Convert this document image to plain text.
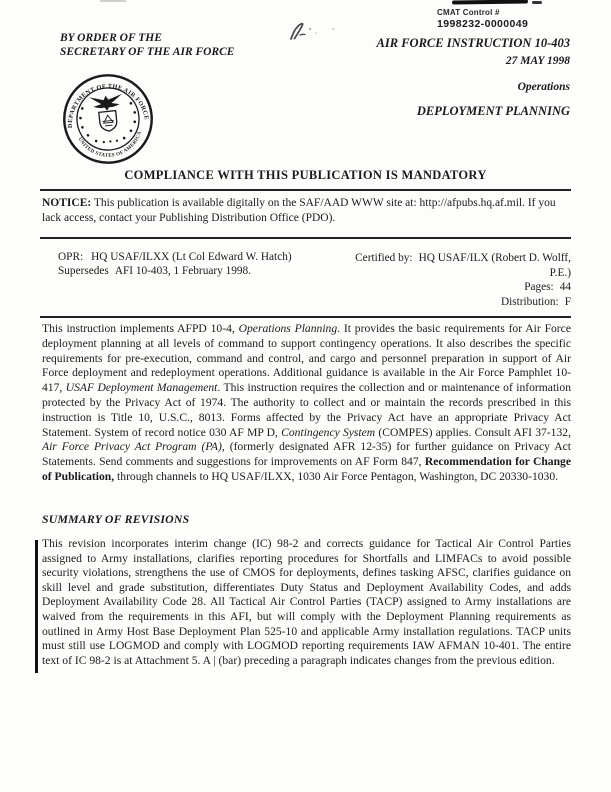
CMAT Control #
1998232-0000049
BY ORDER OF THE
SECRETARY OF THE AIR FORCE
AIR FORCE INSTRUCTION 10-403
27 MAY 1998
Operations
DEPLOYMENT PLANNING
DEPARTMENT OF THE AIR FORCE
UNITED STATES OF AMERICA
COMPLIANCE WITH THIS PUBLICATION IS MANDATORY
NOTICE: This publication is available digitally on the SAF/AAD WWW site at: http://afpubs.hq.af.mil. If you lack access, contact your Publishing Distribution Office (PDO).
OPR: HQ USAF/ILXX (Lt Col Edward W. Hatch)
Supersedes AFI 10-403, 1 February 1998.
Certified by: HQ USAF/ILX (Robert D. Wolff, P.E.)
Pages: 44
Distribution: F

This instruction implements AFPD 10-4, Operations Planning. It provides the basic requirements for Air Force deployment planning at all levels of command to support contingency operations. It also describes the specific requirements for pre-execution, command and control, and cargo and personnel preparation in support of Air Force deployment and redeployment operations. Additional guidance is available in the Air Force Pamphlet 10-417, USAF Deployment Management. This instruction requires the collection and or maintenance of information protected by the Privacy Act of 1974. The authority to collect and or maintain the records prescribed in this instruction is Title 10, U.S.C., 8013. Forms affected by the Privacy Act have an appropriate Privacy Act Statement. System of record notice 030 AF MP D, Contingency System (COMPES) applies. Consult AFI 37-132, Air Force Privacy Act Program (PA), (formerly designated AFR 12-35) for further guidance on Privacy Act Statements. Send comments and suggestions for improvements on AF Form 847, Recommendation for Change of Publication, through channels to HQ USAF/ILXX, 1030 Air Force Pentagon, Washington, DC 20330-1030.

SUMMARY OF REVISIONS

This revision incorporates interim change (IC) 98-2 and corrects guidance for Tactical Air Control Parties assigned to Army installations, clarifies reporting procedures for Shortfalls and LIMFACs to avoid possible security violations, strengthens the use of CMOS for deployments, defines tasking AFSC, clarifies guidance on skill level and grade substitution, differentiates Duty Status and Deployment Availability Codes, and adds Deployment Availability Code 28. All Tactical Air Control Parties (TACP) assigned to Army installations are waived from the requirements in this AFI, but will comply with the Deployment Planning requirements as outlined in Army Host Base Deployment Plan 525-10 and applicable Army installation regulations. TACP units must still use LOGMOD and comply with LOGMOD reporting requirements IAW AFMAN 10-401. The entire text of IC 98-2 is at Attachment 5. A | (bar) preceding a paragraph indicates changes from the previous edition.
